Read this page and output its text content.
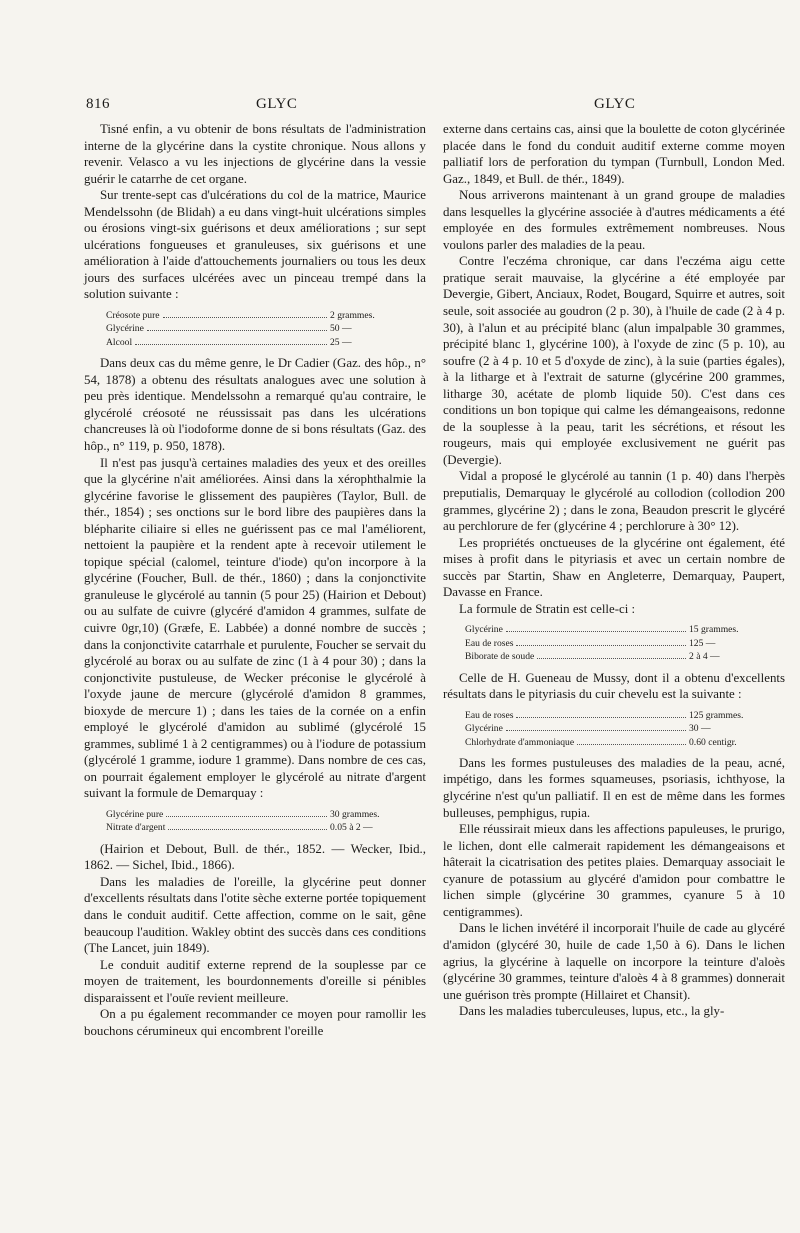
816	GLYC	GLYC

Tisné enfin, a vu obtenir de bons résultats de l'administration interne de la glycérine dans la cystite chronique. Nous allons y revenir. Velasco a vu les injections de glycérine dans la vessie guérir le catarrhe de cet organe.

Sur trente-sept cas d'ulcérations du col de la matrice, Maurice Mendelssohn (de Blidah) a eu dans vingt-huit ulcérations simples ou érosions vingt-six guérisons et deux améliorations ; sur sept ulcérations fongueuses et granuleuses, six guérisons et une amélioration à l'aide d'attouchements journaliers ou tous les deux jours des surfaces ulcérées avec un pinceau trempé dans la solution suivante :

Créosote pure	2 grammes.
Glycérine	50 —
Alcool	25 —

Dans deux cas du même genre, le Dr Cadier (Gaz. des hôp., n° 54, 1878) a obtenu des résultats analogues avec une solution à peu près identique. Mendelssohn a remarqué qu'au contraire, le glycérolé créosoté ne réussissait pas dans les ulcérations chancreuses là où l'iodoforme donne de si bons résultats (Gaz. des hôp., n° 119, p. 950, 1878).

Il n'est pas jusqu'à certaines maladies des yeux et des oreilles que la glycérine n'ait améliorées. Ainsi dans la xérophthalmie la glycérine favorise le glissement des paupières (Taylor, Bull. de thér., 1854) ; ses onctions sur le bord libre des paupières dans la blépharite ciliaire si elles ne guérissent pas ce mal l'améliorent, nettoient la paupière et la rendent apte à recevoir utilement le topique spécial (calomel, teinture d'iode) qu'on incorpore à la glycérine (Foucher, Bull. de thér., 1860) ; dans la conjonctivite granuleuse le glycérolé au tannin (5 pour 25) (Hairion et Debout) ou au sulfate de cuivre (glycéré d'amidon 4 grammes, sulfate de cuivre 0gr,10) (Græfe, E. Labbée) a donné nombre de succès ; dans la conjonctivite catarrhale et purulente, Foucher se servait du glycérolé au borax ou au sulfate de zinc (1 à 4 pour 30) ; dans la conjonctivite pustuleuse, de Wecker préconise le glycérolé à l'oxyde jaune de mercure (glycérolé d'amidon 8 grammes, bioxyde de mercure 1) ; dans les taies de la cornée on a enfin employé le glycérolé d'amidon au sublimé (glycérolé 15 grammes, sublimé 1 à 2 centigrammes) ou à l'iodure de potassium (glycérolé 1 gramme, iodure 1 gramme). Dans nombre de ces cas, on pourrait également employer le glycérolé au nitrate d'argent suivant la formule de Demarquay :

Glycérine pure	30 grammes.
Nitrate d'argent	0.05 à 2 —

(Hairion et Debout, Bull. de thér., 1852. — Wecker, Ibid., 1862. — Sichel, Ibid., 1866).

Dans les maladies de l'oreille, la glycérine peut donner d'excellents résultats dans l'otite sèche externe portée topiquement dans le conduit auditif. Cette affection, comme on le sait, gêne beaucoup l'audition. Wakley obtint des succès dans ces conditions (The Lancet, juin 1849).

Le conduit auditif externe reprend de la souplesse par ce moyen de traitement, les bourdonnements d'oreille si pénibles disparaissent et l'ouïe revient meilleure.

On a pu également recommander ce moyen pour ramollir les bouchons cérumineux qui encombrent l'oreille

externe dans certains cas, ainsi que la boulette de coton glycérinée placée dans le fond du conduit auditif externe comme moyen palliatif lors de perforation du tympan (Turnbull, London Med. Gaz., 1849, et Bull. de thér., 1849).

Nous arriverons maintenant à un grand groupe de maladies dans lesquelles la glycérine associée à d'autres médicaments a été employée en des formules extrêmement nombreuses. Nous voulons parler des maladies de la peau.

Contre l'eczéma chronique, car dans l'eczéma aigu cette pratique serait mauvaise, la glycérine a été employée par Devergie, Gibert, Anciaux, Rodet, Bougard, Squirre et autres, soit seule, soit associée au goudron (2 p. 30), à l'huile de cade (2 à 4 p. 30), à l'alun et au précipité blanc (alun impalpable 30 grammes, précipité blanc 1, glycérine 100), à l'oxyde de zinc (5 p. 10), au soufre (2 à 4 p. 10 et 5 d'oxyde de zinc), à la suie (parties égales), à la litharge et à l'extrait de saturne (glycérine 200 grammes, litharge 30, acétate de plomb liquide 50). C'est dans ces conditions un bon topique qui calme les démangeaisons, redonne de la souplesse à la peau, tarit les sécrétions, et résout les rougeurs, mais qui employée exclusivement ne guérit pas (Devergie).

Vidal a proposé le glycérolé au tannin (1 p. 40) dans l'herpès preputialis, Demarquay le glycérolé au collodion (collodion 200 grammes, glycérine 2) ; dans le zona, Beaudon prescrit le glycéré au perchlorure de fer (glycérine 4 ; perchlorure à 30° 12).

Les propriétés onctueuses de la glycérine ont également, été mises à profit dans le pityriasis et avec un certain nombre de succès par Startin, Shaw en Angleterre, Demarquay, Paupert, Davasse en France.

La formule de Stratin est celle-ci :

Glycérine	15 grammes.
Eau de roses	125 —
Biborate de soude	2 à 4 —

Celle de H. Gueneau de Mussy, dont il a obtenu d'excellents résultats dans le pityriasis du cuir chevelu est la suivante :

Eau de roses	125 grammes.
Glycérine	30 —
Chlorhydrate d'ammoniaque	0.60 centigr.

Dans les formes pustuleuses des maladies de la peau, acné, impétigo, dans les formes squameuses, psoriasis, ichthyose, la glycérine n'est qu'un palliatif. Il en est de même dans les formes bulleuses, pemphigus, rupia.

Elle réussirait mieux dans les affections papuleuses, le prurigo, le lichen, dont elle calmerait rapidement les démangeaisons et hâterait la cicatrisation des petites plaies. Demarquay associait le cyanure de potassium au glycéré d'amidon pour combattre le lichen simple (glycérine 30 grammes, cyanure 5 à 10 centigrammes).

Dans le lichen invétéré il incorporait l'huile de cade au glycéré d'amidon (glycéré 30, huile de cade 1,50 à 6). Dans le lichen agrius, la glycérine à laquelle on incorpore la teinture d'aloès (glycérine 30 grammes, teinture d'aloès 4 à 8 grammes) donnerait une guérison très prompte (Hillairet et Chansit).

Dans les maladies tuberculeuses, lupus, etc., la gly-
